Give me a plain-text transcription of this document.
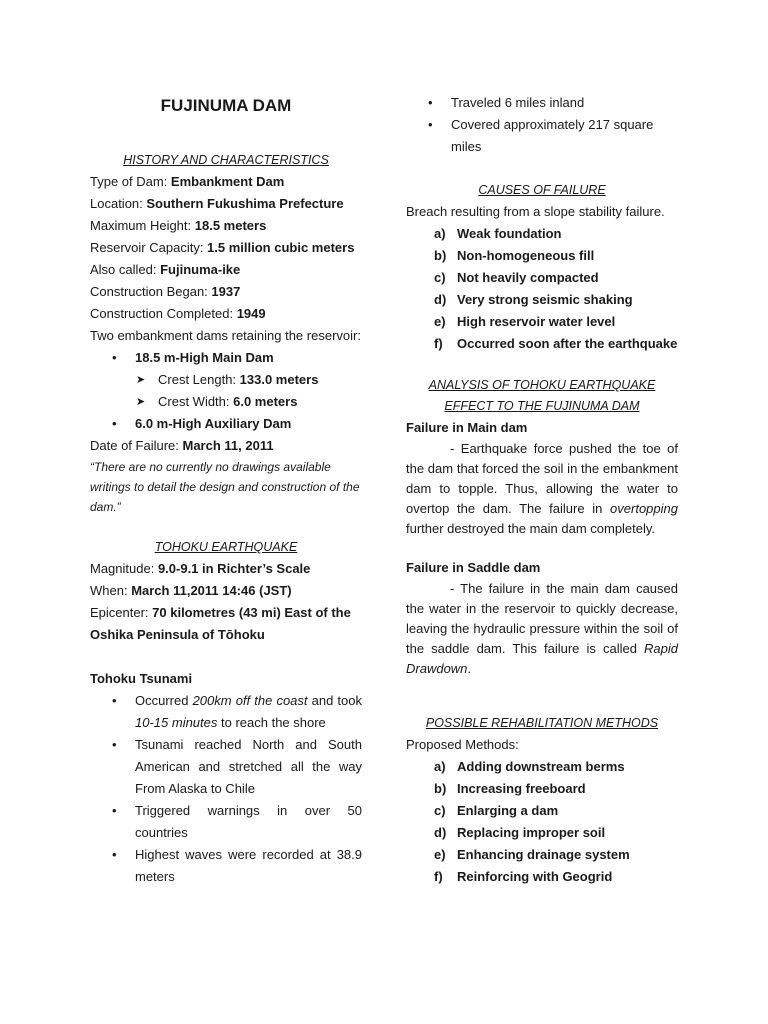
FUJINUMA DAM
HISTORY AND CHARACTERISTICS
Type of Dam: Embankment Dam
Location: Southern Fukushima Prefecture
Maximum Height: 18.5 meters
Reservoir Capacity: 1.5 million cubic meters
Also called: Fujinuma-ike
Construction Began: 1937
Construction Completed: 1949
Two embankment dams retaining the reservoir:
• 18.5 m-High Main Dam
➤ Crest Length: 133.0 meters
➤ Crest Width: 6.0 meters
• 6.0 m-High Auxiliary Dam
Date of Failure: March 11, 2011
“There are no currently no drawings available writings to detail the design and construction of the dam.”
TOHOKU EARTHQUAKE
Magnitude: 9.0-9.1 in Richter’s Scale
When: March 11,2011 14:46 (JST)
Epicenter: 70 kilometres (43 mi) East of the Oshika Peninsula of Tōhoku
Tohoku Tsunami
• Occurred 200km off the coast and took 10-15 minutes to reach the shore
• Tsunami reached North and South American and stretched all the way From Alaska to Chile
• Triggered warnings in over 50 countries
• Highest waves were recorded at 38.9 meters
• Traveled 6 miles inland
• Covered approximately 217 square miles
CAUSES OF FAILURE
Breach resulting from a slope stability failure.
a) Weak foundation
b) Non-homogeneous fill
c) Not heavily compacted
d) Very strong seismic shaking
e) High reservoir water level
f) Occurred soon after the earthquake
ANALYSIS OF TOHOKU EARTHQUAKE EFFECT TO THE FUJINUMA DAM
Failure in Main dam
- Earthquake force pushed the toe of the dam that forced the soil in the embankment dam to topple. Thus, allowing the water to overtop the dam. The failure in overtopping further destroyed the main dam completely.
Failure in Saddle dam
- The failure in the main dam caused the water in the reservoir to quickly decrease, leaving the hydraulic pressure within the soil of the saddle dam. This failure is called Rapid Drawdown.
POSSIBLE REHABILITATION METHODS
Proposed Methods:
a) Adding downstream berms
b) Increasing freeboard
c) Enlarging a dam
d) Replacing improper soil
e) Enhancing drainage system
f) Reinforcing with Geogrid
